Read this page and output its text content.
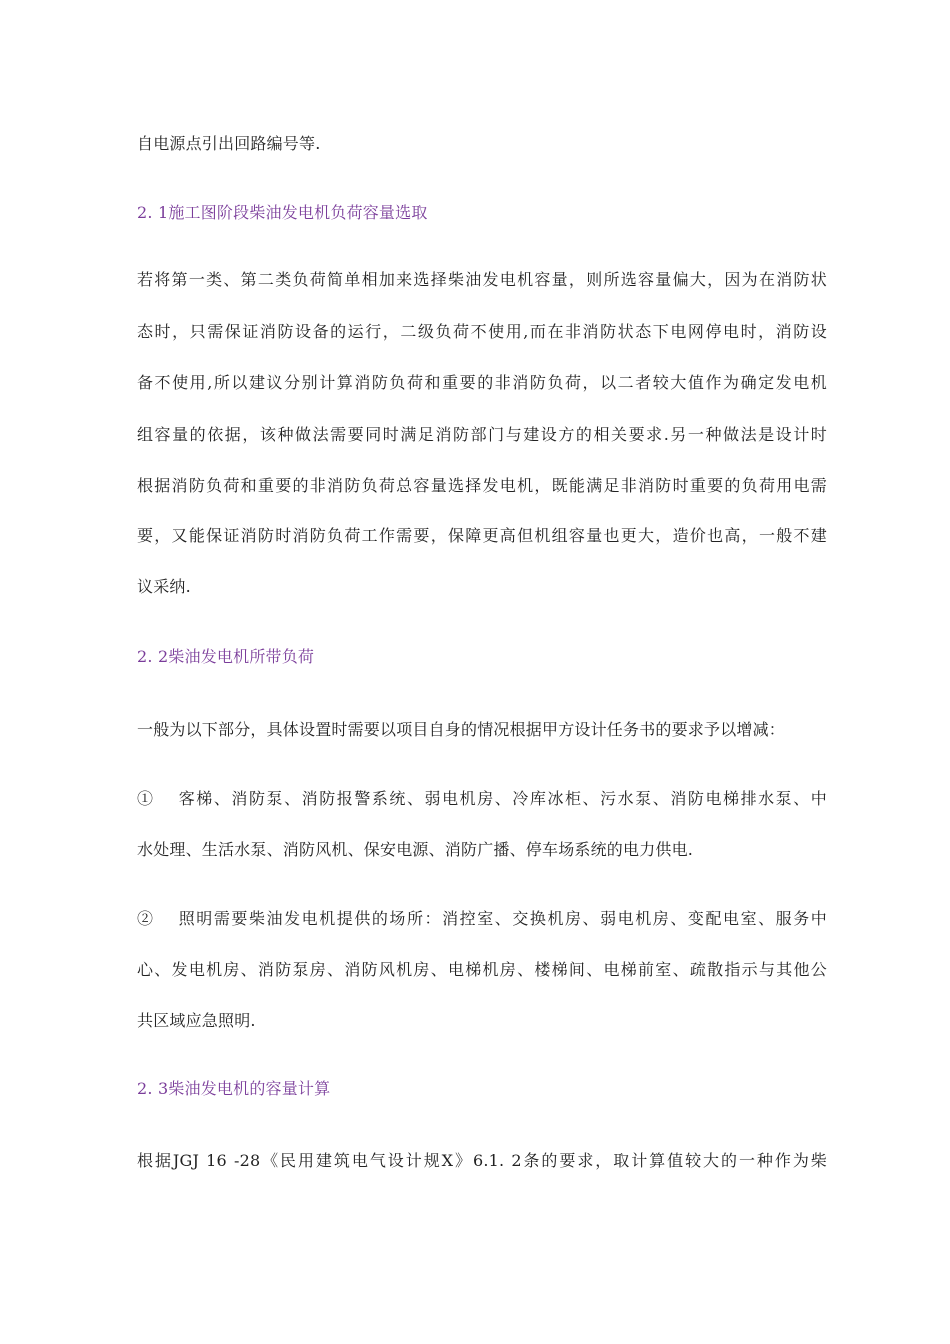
自电源点引出回路编号等.
2. 1施工图阶段柴油发电机负荷容量选取
若将第一类、第二类负荷简单相加来选择柴油发电机容量，则所选容量偏大，因为在消防状
态时，只需保证消防设备的运行，二级负荷不使用,而在非消防状态下电网停电时，消防设
备不使用,所以建议分别计算消防负荷和重要的非消防负荷，以二者较大值作为确定发电机
组容量的依据，该种做法需要同时满足消防部门与建设方的相关要求.另一种做法是设计时
根据消防负荷和重要的非消防负荷总容量选择发电机，既能满足非消防时重要的负荷用电需
要，又能保证消防时消防负荷工作需要，保障更高但机组容量也更大，造价也高，一般不建
议采纳.
2. 2柴油发电机所带负荷
一般为以下部分，具体设置时需要以项目自身的情况根据甲方设计任务书的要求予以增减：
①　 客梯、消防泵、消防报警系统、弱电机房、冷库冰柜、污水泵、消防电梯排水泵、中
水处理、生活水泵、消防风机、保安电源、消防广播、停车场系统的电力供电.
②　 照明需要柴油发电机提供的场所：消控室、交换机房、弱电机房、变配电室、服务中
心、发电机房、消防泵房、消防风机房、电梯机房、楼梯间、电梯前室、疏散指示与其他公
共区域应急照明.
2. 3柴油发电机的容量计算
根据JGJ 16 -28《民用建筑电气设计规X》6.1. 2条的要求，取计算值较大的一种作为柴
